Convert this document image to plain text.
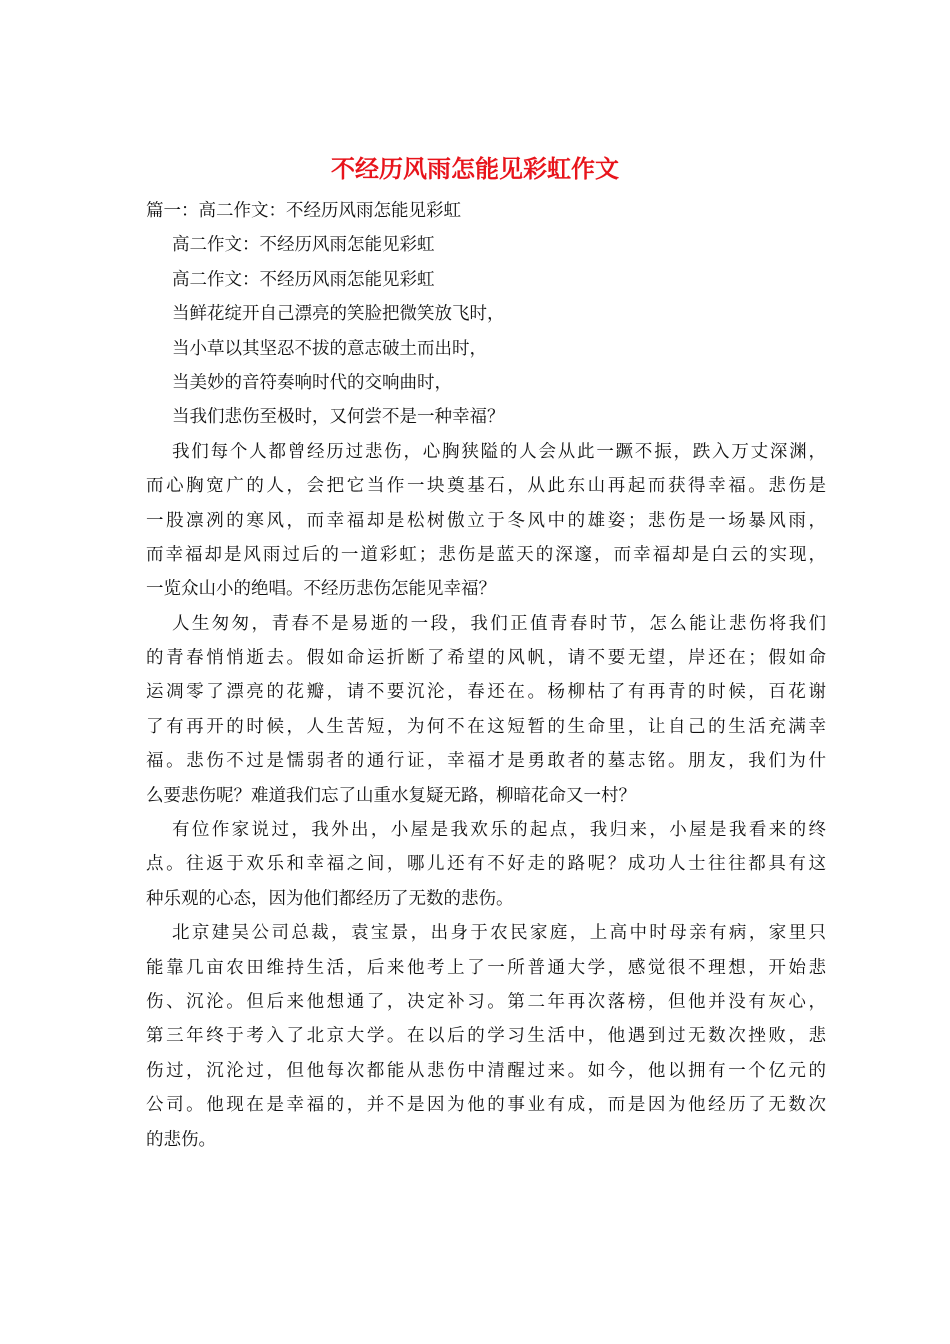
不经历风雨怎能见彩虹作文
篇一：高二作文：不经历风雨怎能见彩虹
高二作文：不经历风雨怎能见彩虹
高二作文：不经历风雨怎能见彩虹
当鲜花绽开自己漂亮的笑脸把微笑放飞时，
当小草以其坚忍不拔的意志破土而出时，
当美妙的音符奏响时代的交响曲时，
当我们悲伤至极时，又何尝不是一种幸福？
我们每个人都曾经历过悲伤，心胸狭隘的人会从此一蹶不振，跌入万丈深渊，
而心胸宽广的人，会把它当作一块奠基石，从此东山再起而获得幸福。悲伤是
一股凛冽的寒风，而幸福却是松树傲立于冬风中的雄姿；悲伤是一场暴风雨，
而幸福却是风雨过后的一道彩虹；悲伤是蓝天的深邃，而幸福却是白云的实现，
一览众山小的绝唱。不经历悲伤怎能见幸福？
人生匆匆，青春不是易逝的一段，我们正值青春时节，怎么能让悲伤将我们
的青春悄悄逝去。假如命运折断了希望的风帆，请不要无望，岸还在；假如命
运凋零了漂亮的花瓣，请不要沉沦，春还在。杨柳枯了有再青的时候，百花谢
了有再开的时候，人生苦短，为何不在这短暂的生命里，让自己的生活充满幸
福。悲伤不过是懦弱者的通行证，幸福才是勇敢者的墓志铭。朋友，我们为什
么要悲伤呢？难道我们忘了山重水复疑无路，柳暗花命又一村？
有位作家说过，我外出，小屋是我欢乐的起点，我归来，小屋是我看来的终
点。往返于欢乐和幸福之间，哪儿还有不好走的路呢？成功人士往往都具有这
种乐观的心态，因为他们都经历了无数的悲伤。
北京建吴公司总裁，袁宝景，出身于农民家庭，上高中时母亲有病，家里只
能靠几亩农田维持生活，后来他考上了一所普通大学，感觉很不理想，开始悲
伤、沉沦。但后来他想通了，决定补习。第二年再次落榜，但他并没有灰心，
第三年终于考入了北京大学。在以后的学习生活中，他遇到过无数次挫败，悲
伤过，沉沦过，但他每次都能从悲伤中清醒过来。如今，他以拥有一个亿元的
公司。他现在是幸福的，并不是因为他的事业有成，而是因为他经历了无数次
的悲伤。
